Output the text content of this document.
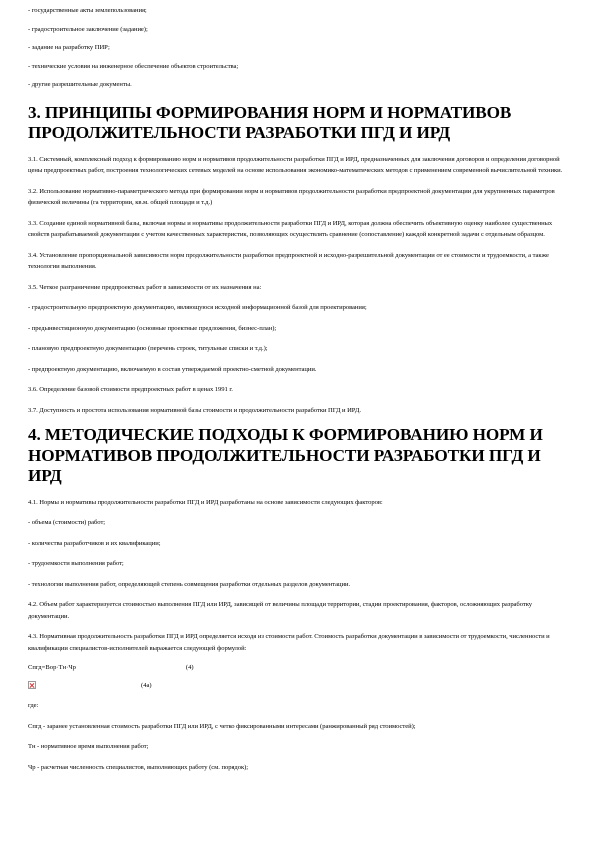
- государственные акты землепользования;

- градостроительное заключение (задание);

- задание на разработку ПИР;

- технические условия на инженерное обеспечение объектов строительства;

- другие разрешительные документы.

3. ПРИНЦИПЫ ФОРМИРОВАНИЯ НОРМ И НОРМАТИВОВ ПРОДОЛЖИТЕЛЬНОСТИ РАЗРАБОТКИ ПГД И ИРД

3.1. Системный, комплексный подход к формированию норм и нормативов продолжительности разработки ПГД и ИРД, предназначенных для заключения договоров и определения договорной цены предпроектных работ, построения технологических сетевых моделей на основе использования экономико-математических методов с применением современной вычислительной техники.

3.2. Использование нормативно-параметрического метода при формировании норм и нормативов продолжительности разработки предпроектной документации для укрупненных параметров физической величины (га территории, кв.м. общей площади и т.д.)

3.3. Создание единой нормативной базы, включая нормы и нормативы продолжительности разработки ПГД и ИРД, которая должна обеспечить объективную оценку наиболее существенных свойств разрабатываемой документации с учетом качественных характеристик, позволяющих осуществлять сравнение (сопоставление) каждой конкретной задачи с отдельным образцом.

3.4. Установление пропорциональной зависимости норм продолжительности разработки предпроектной и исходно-разрешительной документации от ее стоимости и трудоемкости, а также технологии выполнения.

3.5. Четкое разграничение предпроектных работ в зависимости от их назначения на:

- градостроительную предпроектную документацию, являющуюся исходной информационной базой для проектирования;

- предынвестиционную документацию (основные проектные предложения, бизнес-план);

- плановую предпроектную документацию (перечень строек, титульные списки и т.д.);

- предпроектную документацию, включаемую в состав утверждаемой проектно-сметной документации.

3.6. Определение базовой стоимости предпроектных работ в ценах 1991 г.

3.7. Доступность и простота использования нормативной базы стоимости и продолжительности разработки ПГД и ИРД.

4. МЕТОДИЧЕСКИЕ ПОДХОДЫ К ФОРМИРОВАНИЮ НОРМ И НОРМАТИВОВ ПРОДОЛЖИТЕЛЬНОСТИ РАЗРАБОТКИ ПГД И ИРД

4.1. Нормы и нормативы продолжительности разработки ПГД и ИРД разработаны на основе зависимости следующих факторов:

- объема (стоимости) работ;

- количества разработчиков и их квалификации;

- трудоемкости выполнения работ;

- технологии выполнения работ, определяющей степень совмещения разработки отдельных разделов документации.

4.2. Объем работ характеризуется стоимостью выполнения ПГД или ИРД, зависящей от величины площади территории, стадии проектирования, факторов, осложняющих разработку документации.

4.3. Нормативная продолжительность разработки ПГД и ИРД определяется исходя из стоимости работ. Стоимость разработки документации в зависимости от трудоемкости, численности и квалификации специалистов-исполнителей выражается следующей формулой:

Спгд=Вор·Тн·Чр	(4)
(4а)

где:

Спгд - заранее установленная стоимость разработки ПГД или ИРД, с четко фиксированными интересами (ранжированный ряд стоимостей);

Тн - нормативное время выполнения работ;

Чр - расчетная численность специалистов, выполняющих работу (см. порядок);
